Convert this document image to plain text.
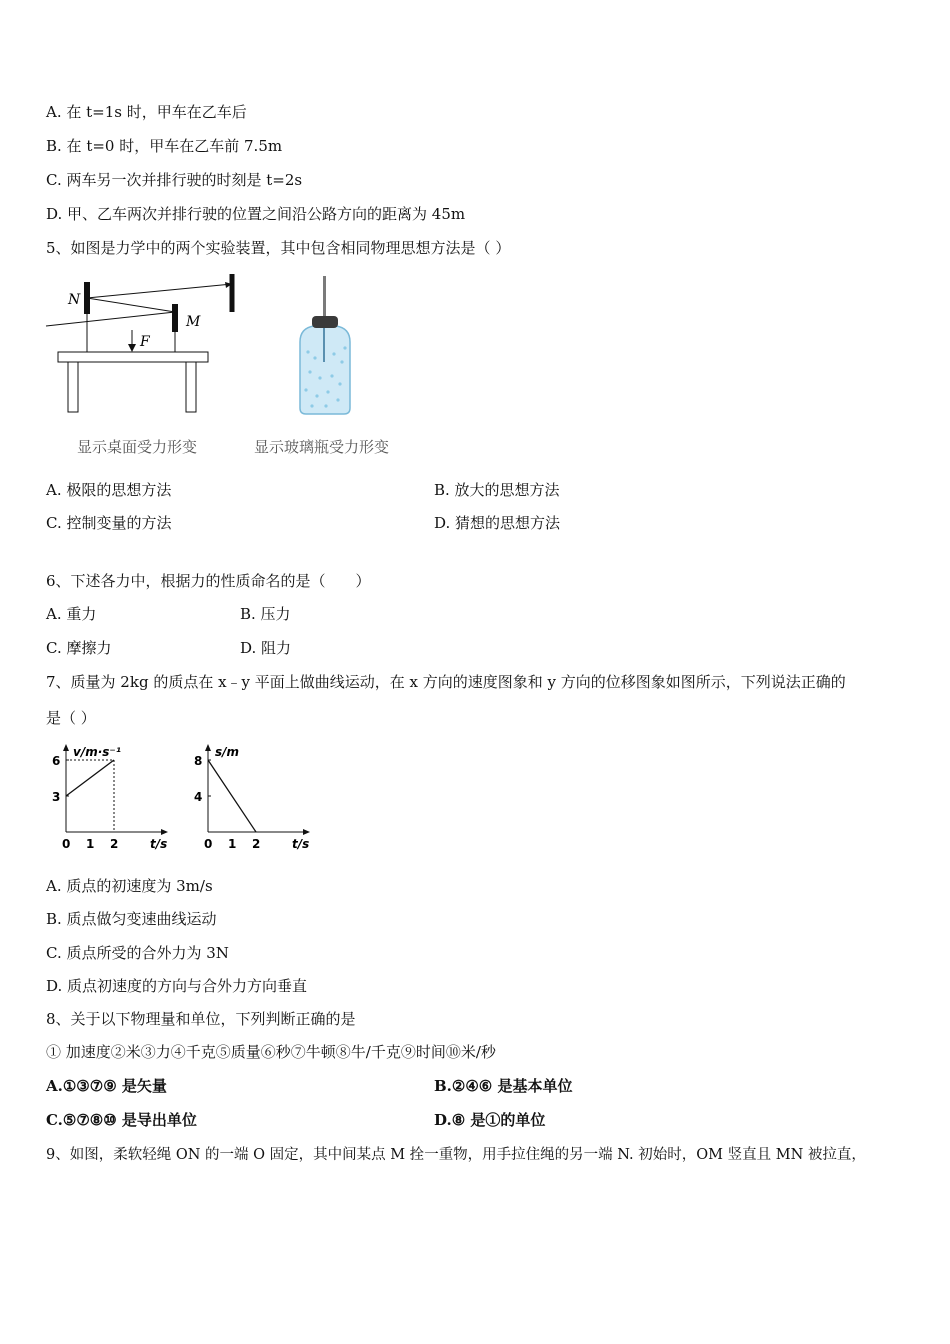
A. 在 t=1s 时，甲车在乙车后
B. 在 t=0 时，甲车在乙车前 7.5m
C. 两车另一次并排行驶的时刻是 t=2s
D. 甲、乙车两次并排行驶的位置之间沿公路方向的距离为 45m
5、如图是力学中的两个实验装置，其中包含相同物理思想方法是（ ）
N
M
F
显示桌面受力形变	显示玻璃瓶受力形变
A. 极限的思想方法	B. 放大的思想方法
C. 控制变量的方法	D. 猜想的思想方法
6、下述各力中，根据力的性质命名的是（　　）
A. 重力	B. 压力
C. 摩擦力	D. 阻力
7、质量为 2kg 的质点在 x﹣y 平面上做曲线运动，在 x 方向的速度图象和 y 方向的位移图象如图所示，下列说法正确的
是（ ）
v/m·s⁻¹
t/s
0 1 2
3
6
s/m
t/s
0 1 2
4
8
A. 质点的初速度为 3m/s
B. 质点做匀变速曲线运动
C. 质点所受的合外力为 3N
D. 质点初速度的方向与合外力方向垂直
8、关于以下物理量和单位，下列判断正确的是
① 加速度②米③力④千克⑤质量⑥秒⑦牛顿⑧牛/千克⑨时间⑩米/秒
A.①③⑦⑨ 是矢量	B.②④⑥ 是基本单位
C.⑤⑦⑧⑩ 是导出单位	D.⑧ 是①的单位
9、如图，柔软轻绳 ON 的一端 O 固定，其中间某点 M 拴一重物，用手拉住绳的另一端 N. 初始时，OM 竖直且 MN 被拉直，
